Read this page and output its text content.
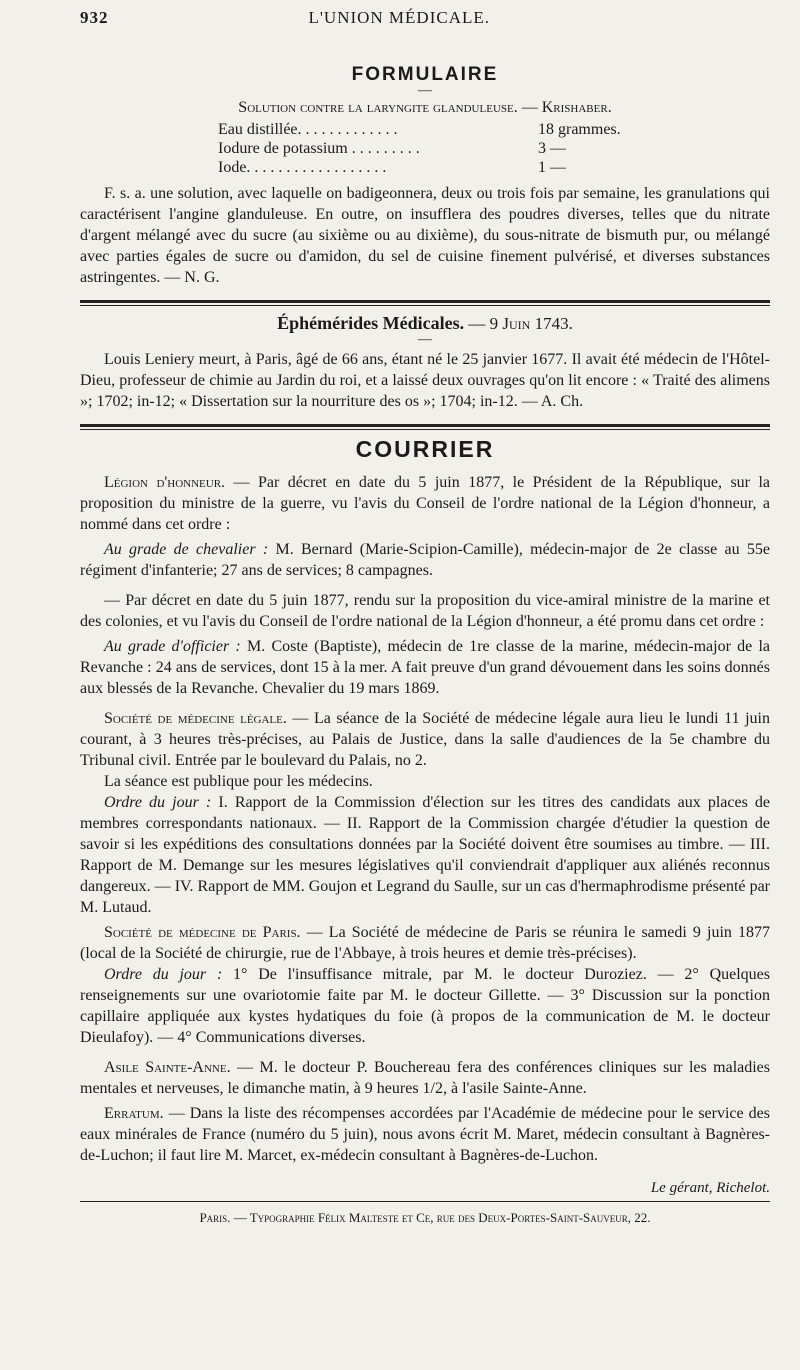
932	L'UNION MÉDICALE.
FORMULAIRE
—
Solution contre la laryngite glanduleuse. — Krishaber.
Eau distillée. . . . . . . . . . . . .	18 grammes.
Iodure de potassium . . . . . . . . .	3 —
Iode. . . . . . . . . . . . . . . . . .	1 —

F. s. a. une solution, avec laquelle on badigeonnera, deux ou trois fois par semaine, les granulations qui caractérisent l'angine glanduleuse. En outre, on insufflera des poudres diverses, telles que du nitrate d'argent mélangé avec du sucre (au sixième ou au dixième), du sous-nitrate de bismuth pur, ou mélangé avec parties égales de sucre ou d'amidon, du sel de cuisine finement pulvérisé, et diverses substances astringentes. — N. G.

Éphémérides Médicales. — 9 Juin 1743.
—

Louis Leniery meurt, à Paris, âgé de 66 ans, étant né le 25 janvier 1677. Il avait été médecin de l'Hôtel-Dieu, professeur de chimie au Jardin du roi, et a laissé deux ouvrages qu'on lit encore : « Traité des alimens »; 1702; in-12; « Dissertation sur la nourriture des os »; 1704; in-12. — A. Ch.

COURRIER

Légion d'honneur. — Par décret en date du 5 juin 1877, le Président de la République, sur la proposition du ministre de la guerre, vu l'avis du Conseil de l'ordre national de la Légion d'honneur, a nommé dans cet ordre :

Au grade de chevalier : M. Bernard (Marie-Scipion-Camille), médecin-major de 2e classe au 55e régiment d'infanterie; 27 ans de services; 8 campagnes.

— Par décret en date du 5 juin 1877, rendu sur la proposition du vice-amiral ministre de la marine et des colonies, et vu l'avis du Conseil de l'ordre national de la Légion d'honneur, a été promu dans cet ordre :

Au grade d'officier : M. Coste (Baptiste), médecin de 1re classe de la marine, médecin-major de la Revanche : 24 ans de services, dont 15 à la mer. A fait preuve d'un grand dévouement dans les soins donnés aux blessés de la Revanche. Chevalier du 19 mars 1869.

Société de médecine légale. — La séance de la Société de médecine légale aura lieu le lundi 11 juin courant, à 3 heures très-précises, au Palais de Justice, dans la salle d'audiences de la 5e chambre du Tribunal civil. Entrée par le boulevard du Palais, no 2.

La séance est publique pour les médecins.

Ordre du jour : I. Rapport de la Commission d'élection sur les titres des candidats aux places de membres correspondants nationaux. — II. Rapport de la Commission chargée d'étudier la question de savoir si les expéditions des consultations données par la Société doivent être soumises au timbre. — III. Rapport de M. Demange sur les mesures législatives qu'il conviendrait d'appliquer aux aliénés reconnus dangereux. — IV. Rapport de MM. Goujon et Legrand du Saulle, sur un cas d'hermaphrodisme présenté par M. Lutaud.

Société de médecine de Paris. — La Société de médecine de Paris se réunira le samedi 9 juin 1877 (local de la Société de chirurgie, rue de l'Abbaye, à trois heures et demie très-précises).

Ordre du jour : 1° De l'insuffisance mitrale, par M. le docteur Duroziez. — 2° Quelques renseignements sur une ovariotomie faite par M. le docteur Gillette. — 3° Discussion sur la ponction capillaire appliquée aux kystes hydatiques du foie (à propos de la communication de M. le docteur Dieulafoy). — 4° Communications diverses.

Asile Sainte-Anne. — M. le docteur P. Bouchereau fera des conférences cliniques sur les maladies mentales et nerveuses, le dimanche matin, à 9 heures 1/2, à l'asile Sainte-Anne.

Erratum. — Dans la liste des récompenses accordées par l'Académie de médecine pour le service des eaux minérales de France (numéro du 5 juin), nous avons écrit M. Maret, médecin consultant à Bagnères-de-Luchon; il faut lire M. Marcet, ex-médecin consultant à Bagnères-de-Luchon.

Le gérant, Richelot.
Paris. — Typographie Félix Malteste et Ce, rue des Deux-Portes-Saint-Sauveur, 22.
